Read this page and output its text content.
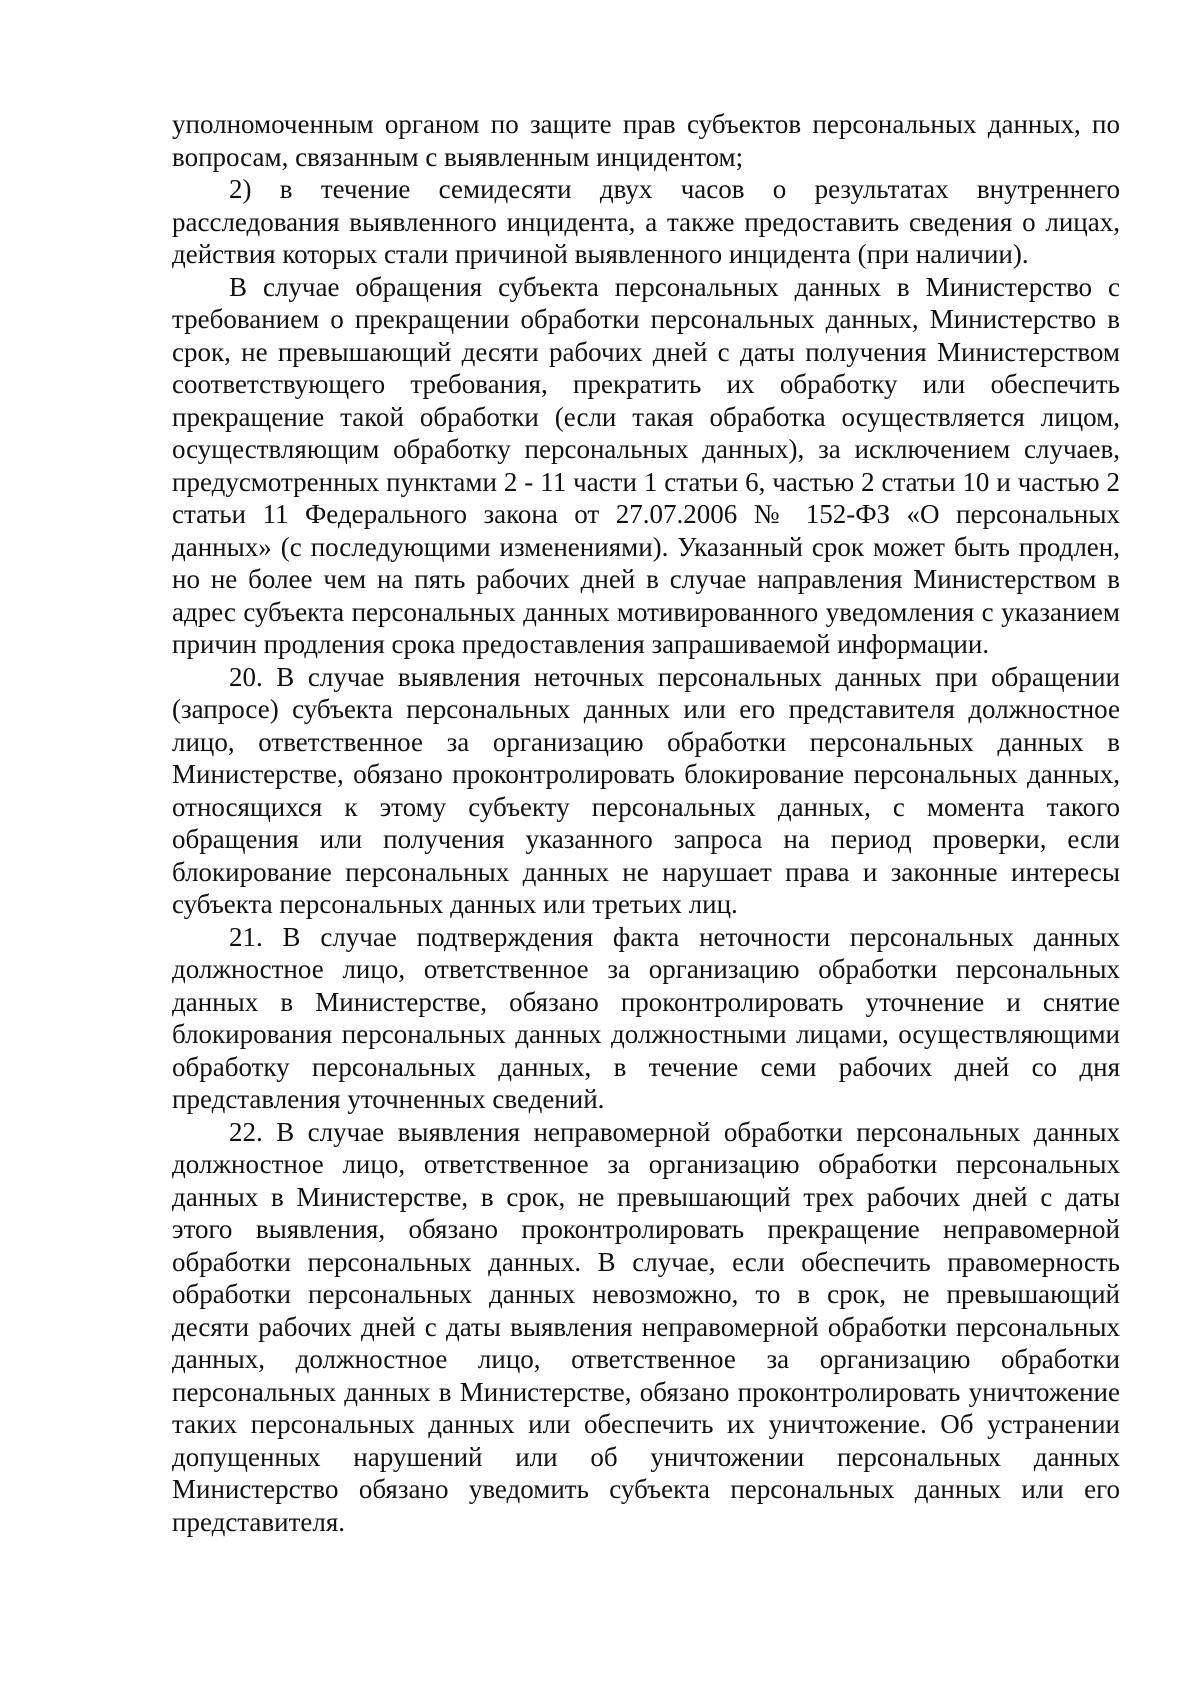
уполномоченным органом по защите прав субъектов персональных данных, по вопросам, связанным с выявленным инцидентом;

2) в течение семидесяти двух часов о результатах внутреннего расследования выявленного инцидента, а также предоставить сведения о лицах, действия которых стали причиной выявленного инцидента (при наличии).

В случае обращения субъекта персональных данных в Министерство с требованием о прекращении обработки персональных данных, Министерство в срок, не превышающий десяти рабочих дней с даты получения Министерством соответствующего требования, прекратить их обработку или обеспечить прекращение такой обработки (если такая обработка осуществляется лицом, осуществляющим обработку персональных данных), за исключением случаев, предусмотренных пунктами 2 - 11 части 1 статьи 6, частью 2 статьи 10 и частью 2 статьи 11 Федерального закона от 27.07.2006 № 152-ФЗ «О персональных данных» (с последующими изменениями). Указанный срок может быть продлен, но не более чем на пять рабочих дней в случае направления Министерством в адрес субъекта персональных данных мотивированного уведомления с указанием причин продления срока предоставления запрашиваемой информации.

20. В случае выявления неточных персональных данных при обращении (запросе) субъекта персональных данных или его представителя должностное лицо, ответственное за организацию обработки персональных данных в Министерстве, обязано проконтролировать блокирование персональных данных, относящихся к этому субъекту персональных данных, с момента такого обращения или получения указанного запроса на период проверки, если блокирование персональных данных не нарушает права и законные интересы субъекта персональных данных или третьих лиц.

21. В случае подтверждения факта неточности персональных данных должностное лицо, ответственное за организацию обработки персональных данных в Министерстве, обязано проконтролировать уточнение и снятие блокирования персональных данных должностными лицами, осуществляющими обработку персональных данных, в течение семи рабочих дней со дня представления уточненных сведений.

22. В случае выявления неправомерной обработки персональных данных должностное лицо, ответственное за организацию обработки персональных данных в Министерстве, в срок, не превышающий трех рабочих дней с даты этого выявления, обязано проконтролировать прекращение неправомерной обработки персональных данных. В случае, если обеспечить правомерность обработки персональных данных невозможно, то в срок, не превышающий десяти рабочих дней с даты выявления неправомерной обработки персональных данных, должностное лицо, ответственное за организацию обработки персональных данных в Министерстве, обязано проконтролировать уничтожение таких персональных данных или обеспечить их уничтожение. Об устранении допущенных нарушений или об уничтожении персональных данных Министерство обязано уведомить субъекта персональных данных или его представителя.
